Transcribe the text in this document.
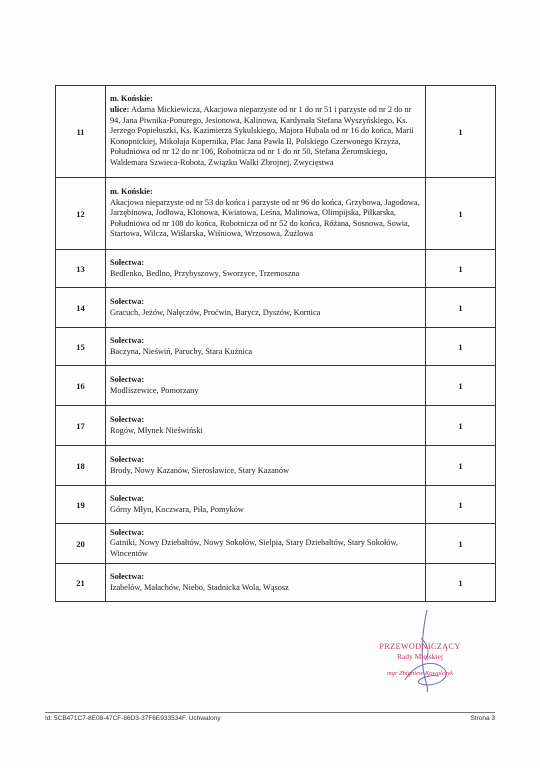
11	m. Końskie:
ulice: Adama Mickiewicza, Akacjowa nieparzyste od nr 1 do nr 51 i parzyste od nr 2 do nr 94, Jana Piwnika-Ponurego, Jesionowa, Kalinowa, Kardynała Stefana Wyszyńskiego, Ks. Jerzego Popiełuszki, Ks. Kazimierza Sykulskiego, Majora Hubala od nr 16 do końca, Marii Konopnickiej, Mikołaja Kopernika, Plac Jana Pawła II, Polskiego Czerwonego Krzyża, Południowa od nr 12 do nr 106, Robotnicza od nr 1 do nr 50, Stefana Żeromskiego, Waldemara Szwieca-Robota, Związku Walki Zbrojnej, Zwycięstwa	1
12	m. Końskie:
Akacjowa nieparzyste od nr 53 do końca i parzyste od nr 96 do końca, Grzybowa, Jagodowa, Jarzębinowa, Jodłowa, Klonowa, Kwiatowa, Leśna, Malinowa, Olimpijska, Piłkarska, Południowa od nr 108 do końca, Robotnicza od nr 52 do końca, Różana, Sosnowa, Sowia, Startowa, Wilcza, Wiślarska, Wiśniowa, Wrzosowa, Żużlowa	1
13	Sołectwa:
Bedlenko, Bedlno, Przybyszowy, Sworzyce, Trzemoszna	1
14	Sołectwa:
Gracuch, Jeżów, Nałęczów, Proćwin, Barycz, Dyszów, Kornica	1
15	Sołectwa:
Baczyna, Nieświń, Paruchy, Stara Kuźnica	1
16	Sołectwa:
Modliszewice, Pomorzany	1
17	Sołectwa:
Rogów, Młynek Nieświński	1
18	Sołectwa:
Brody, Nowy Kazanów, Sierosławice, Stary Kazanów	1
19	Sołectwa:
Górny Młyn, Koczwara, Piła, Pomyków	1
20	Sołectwa:
Gatniki, Nowy Dziebałtów, Nowy Sokołów, Sielpia, Stary Dziebałtów, Stary Sokołów, Wincentów	1
21	Sołectwa:
Izabelów, Małachów, Niebo, Stadnicka Wola, Wąsosz	1
PRZEWODNICZĄCY
Rady Miejskiej
mgr Zbigniew Kowalczyk
Id: 5CB471C7-8E08-47CF-86D3-37F6E933534F. Uchwalony	Strona 3
